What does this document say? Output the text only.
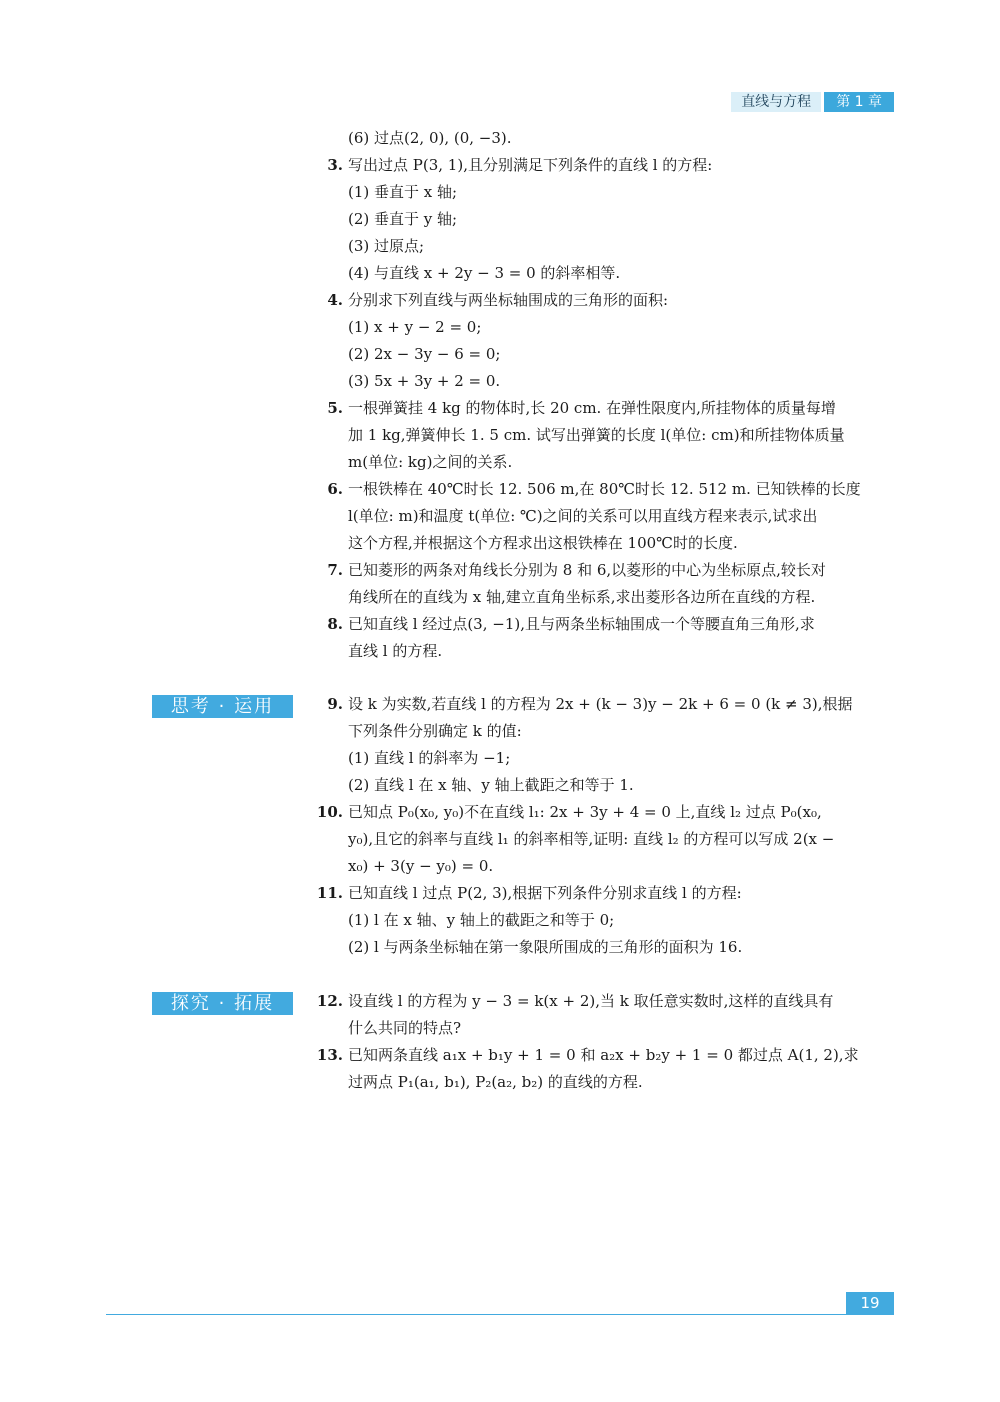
直线与方程	第 1 章
(6) 过点(2, 0), (0, −3).
3. 写出过点 P(3, 1),且分别满足下列条件的直线 l 的方程:
(1) 垂直于 x 轴;
(2) 垂直于 y 轴;
(3) 过原点;
(4) 与直线 x + 2y − 3 = 0 的斜率相等.
4. 分别求下列直线与两坐标轴围成的三角形的面积:
(1) x + y − 2 = 0;
(2) 2x − 3y − 6 = 0;
(3) 5x + 3y + 2 = 0.
5. 一根弹簧挂 4 kg 的物体时,长 20 cm. 在弹性限度内,所挂物体的质量每增
加 1 kg,弹簧伸长 1. 5 cm. 试写出弹簧的长度 l(单位: cm)和所挂物体质量
m(单位: kg)之间的关系.
6. 一根铁棒在 40℃时长 12. 506 m,在 80℃时长 12. 512 m. 已知铁棒的长度
l(单位: m)和温度 t(单位: ℃)之间的关系可以用直线方程来表示,试求出
这个方程,并根据这个方程求出这根铁棒在 100℃时的长度.
7. 已知菱形的两条对角线长分别为 8 和 6,以菱形的中心为坐标原点,较长对
角线所在的直线为 x 轴,建立直角坐标系,求出菱形各边所在直线的方程.
8. 已知直线 l 经过点(3, −1),且与两条坐标轴围成一个等腰直角三角形,求
直线 l 的方程.
思考 · 运用	9. 设 k 为实数,若直线 l 的方程为 2x + (k − 3)y − 2k + 6 = 0 (k ≠ 3),根据
下列条件分别确定 k 的值:
(1) 直线 l 的斜率为 −1;
(2) 直线 l 在 x 轴、y 轴上截距之和等于 1.
10. 已知点 P₀(x₀, y₀)不在直线 l₁: 2x + 3y + 4 = 0 上,直线 l₂ 过点 P₀(x₀,
y₀),且它的斜率与直线 l₁ 的斜率相等,证明: 直线 l₂ 的方程可以写成 2(x −
x₀) + 3(y − y₀) = 0.
11. 已知直线 l 过点 P(2, 3),根据下列条件分别求直线 l 的方程:
(1) l 在 x 轴、y 轴上的截距之和等于 0;
(2) l 与两条坐标轴在第一象限所围成的三角形的面积为 16.
探究 · 拓展	12. 设直线 l 的方程为 y − 3 = k(x + 2),当 k 取任意实数时,这样的直线具有
什么共同的特点?
13. 已知两条直线 a₁x + b₁y + 1 = 0 和 a₂x + b₂y + 1 = 0 都过点 A(1, 2),求
过两点 P₁(a₁, b₁), P₂(a₂, b₂) 的直线的方程.
19
